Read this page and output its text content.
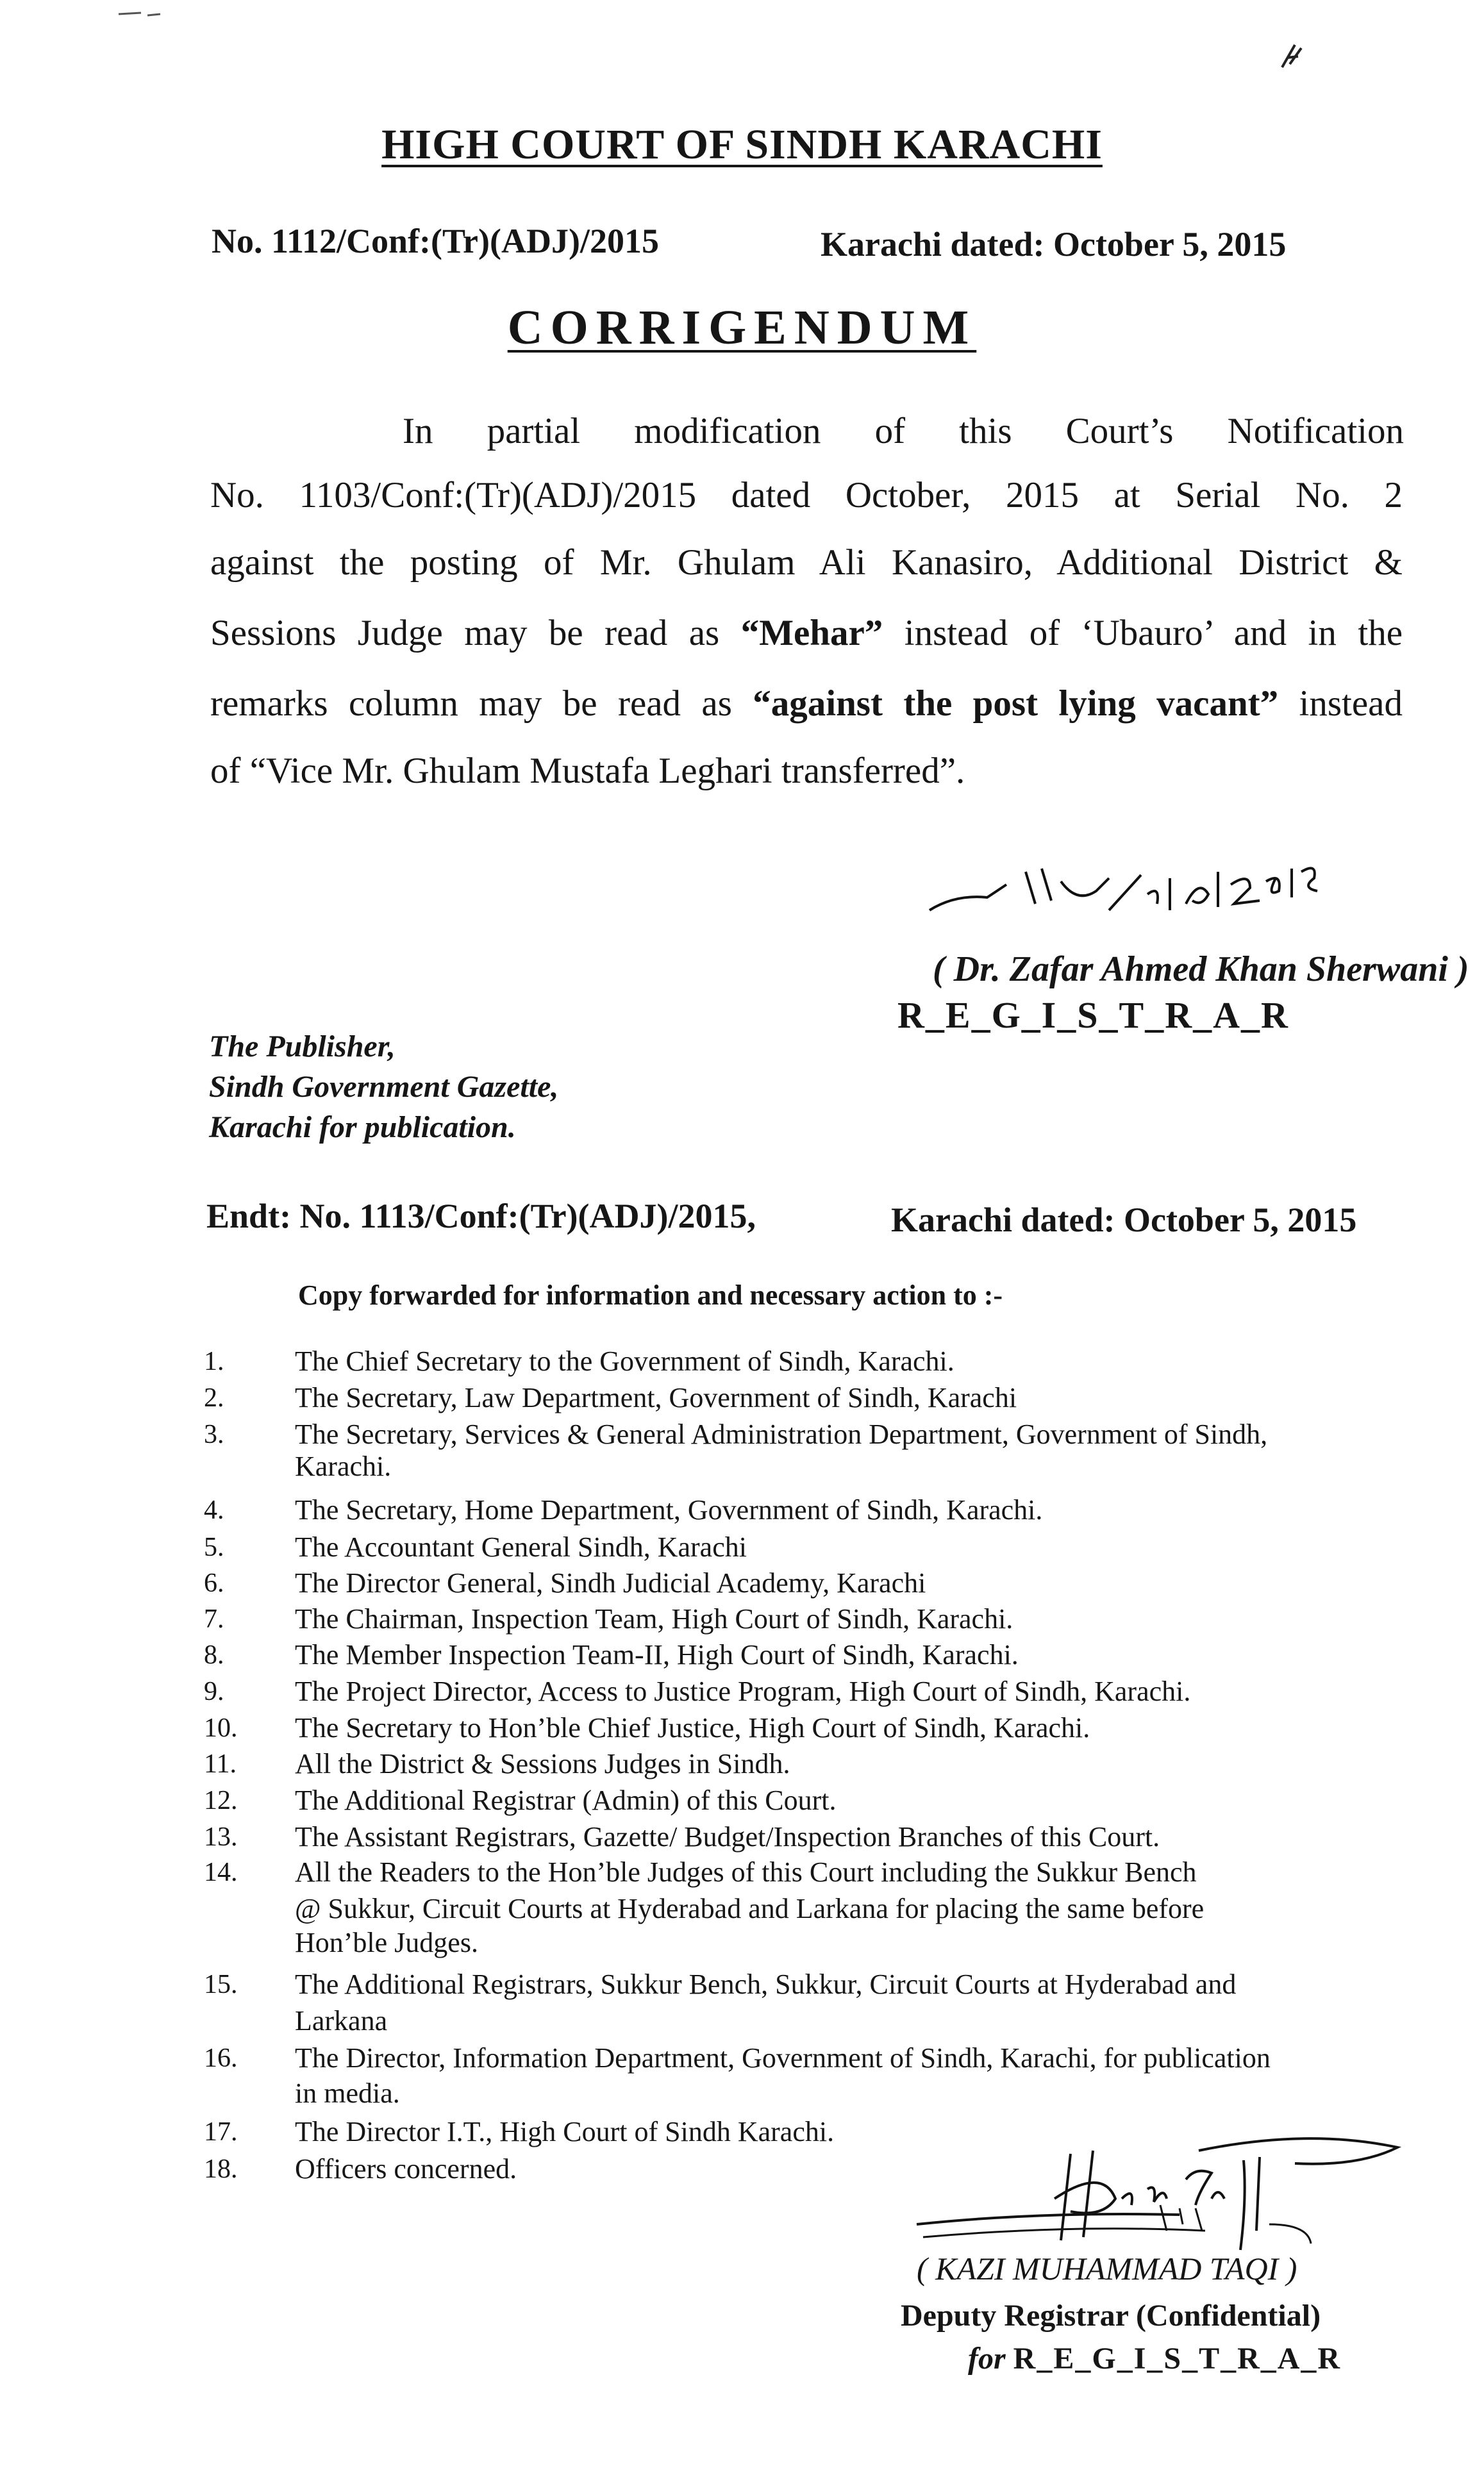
HIGH COURT OF SINDH KARACHI
No. 1112/Conf:(Tr)(ADJ)/2015	Karachi dated: October 5, 2015
CORRIGENDUM
In partial modification of this Court’s Notification
No. 1103/Conf:(Tr)(ADJ)/2015 dated October, 2015 at Serial No. 2
against the posting of Mr. Ghulam Ali Kanasiro, Additional District &
Sessions Judge may be read as “Mehar” instead of ‘Ubauro’ and in the
remarks column may be read as “against the post lying vacant” instead
of “Vice Mr. Ghulam Mustafa Leghari transferred”.
( Dr. Zafar Ahmed Khan Sherwani )
R_E_G_I_S_T_R_A_R
The Publisher,
Sindh Government Gazette,
Karachi for publication.
Endt: No. 1113/Conf:(Tr)(ADJ)/2015,	Karachi dated: October 5, 2015
Copy forwarded for information and necessary action to :-
1.	The Chief Secretary to the Government of Sindh, Karachi.
2.	The Secretary, Law Department, Government of Sindh, Karachi
3.	The Secretary, Services & General Administration Department, Government of Sindh,
Karachi.
4.	The Secretary, Home Department, Government of Sindh, Karachi.
5.	The Accountant General Sindh, Karachi
6.	The Director General, Sindh Judicial Academy, Karachi
7.	The Chairman, Inspection Team, High Court of Sindh, Karachi.
8.	The Member Inspection Team-II, High Court of Sindh, Karachi.
9.	The Project Director, Access to Justice Program, High Court of Sindh, Karachi.
10. The Secretary to Hon’ble Chief Justice, High Court of Sindh, Karachi.
11. All the District & Sessions Judges in Sindh.
12. The Additional Registrar (Admin) of this Court.
13. The Assistant Registrars, Gazette/ Budget/Inspection Branches of this Court.
14. All the Readers to the Hon’ble Judges of this Court including the Sukkur Bench
@ Sukkur, Circuit Courts at Hyderabad and Larkana for placing the same before
Hon’ble Judges.
15. The Additional Registrars, Sukkur Bench, Sukkur, Circuit Courts at Hyderabad and
Larkana
16. The Director, Information Department, Government of Sindh, Karachi, for publication
in media.
17. The Director I.T., High Court of Sindh Karachi.
18. Officers concerned.
( KAZI MUHAMMAD TAQI )
Deputy Registrar (Confidential)
for R_E_G_I_S_T_R_A_R
